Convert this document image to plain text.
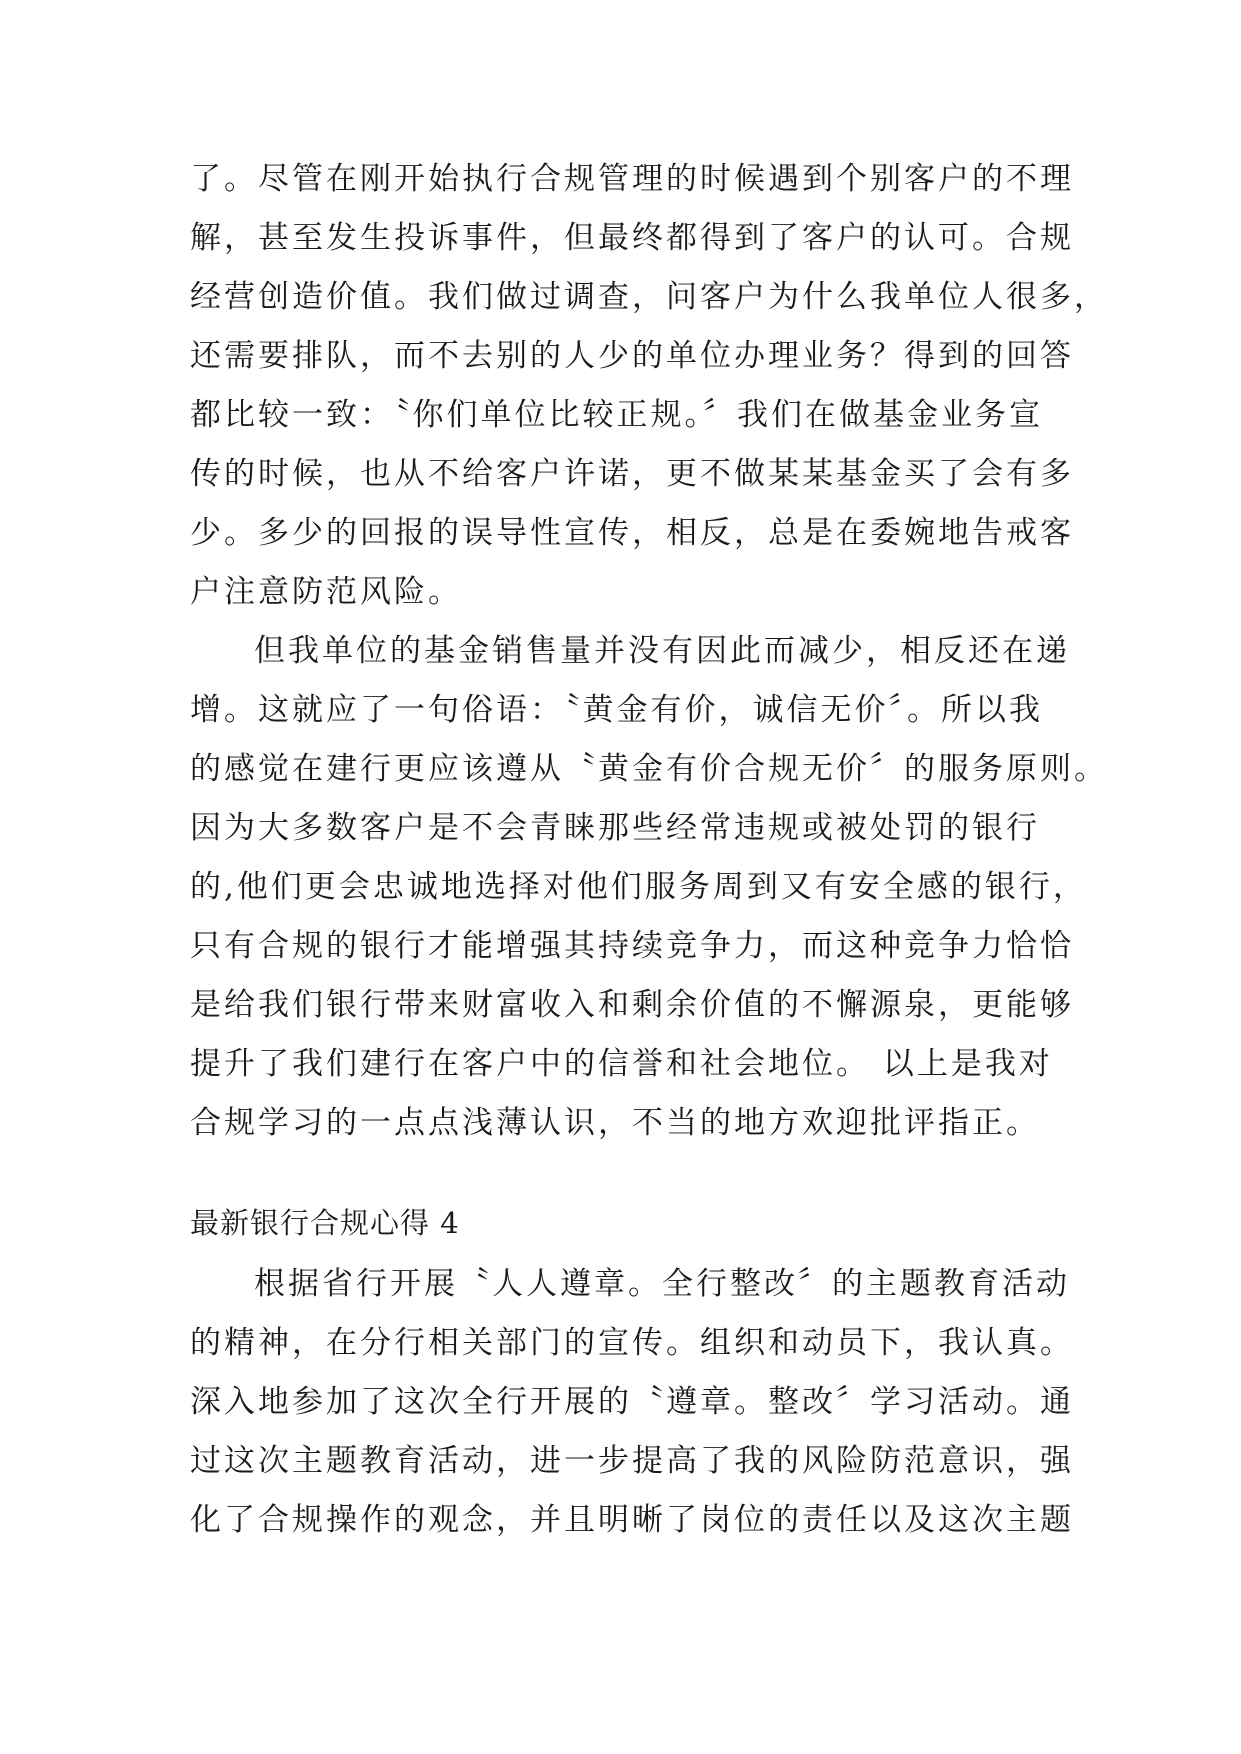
了。尽管在刚开始执行合规管理的时候遇到个别客户的不理
解，甚至发生投诉事件，但最终都得到了客户的认可。合规
经营创造价值。我们做过调查，问客户为什么我单位人很多，
还需要排队，而不去别的人少的单位办理业务？得到的回答
都比较一致：〝你们单位比较正规。〞我们在做基金业务宣
传的时候，也从不给客户许诺，更不做某某基金买了会有多
少。多少的回报的误导性宣传，相反，总是在委婉地告戒客
户注意防范风险。
但我单位的基金销售量并没有因此而减少，相反还在递
增。这就应了一句俗语：〝黄金有价，诚信无价〞。所以我
的感觉在建行更应该遵从〝黄金有价合规无价〞的服务原则。
因为大多数客户是不会青睐那些经常违规或被处罚的银行
的,他们更会忠诚地选择对他们服务周到又有安全感的银行，
只有合规的银行才能增强其持续竞争力，而这种竞争力恰恰
是给我们银行带来财富收入和剩余价值的不懈源泉，更能够
提升了我们建行在客户中的信誉和社会地位。 以上是我对
合规学习的一点点浅薄认识，不当的地方欢迎批评指正。
最新银行合规心得 4
根据省行开展〝人人遵章。全行整改〞的主题教育活动
的精神，在分行相关部门的宣传。组织和动员下，我认真。
深入地参加了这次全行开展的〝遵章。整改〞学习活动。通
过这次主题教育活动，进一步提高了我的风险防范意识，强
化了合规操作的观念，并且明晰了岗位的责任以及这次主题
